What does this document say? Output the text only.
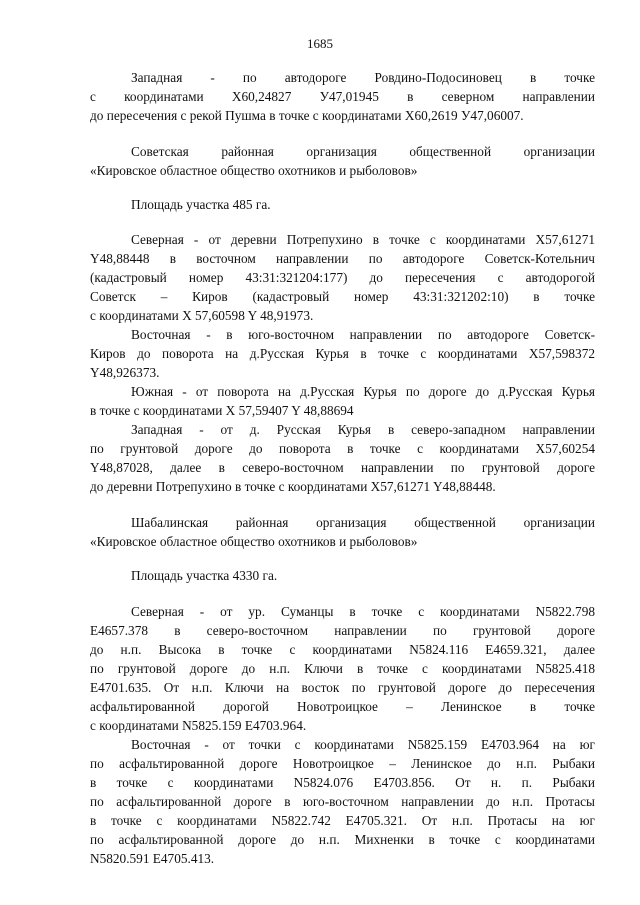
1685
Западная - по автодороге Ровдино-Подосиновец в точке
с координатами Х60,24827 У47,01945 в северном направлении
до пересечения с рекой Пушма в точке с координатами Х60,2619 У47,06007.
Советская районная организация общественной организации
«Кировское областное общество охотников и рыболовов»
Площадь участка 485 га.
Северная - от деревни Потрепухино в точке с координатами X57,61271
Y48,88448 в восточном направлении по автодороге Советск-Котельнич
(кадастровый номер 43:31:321204:177) до пересечения с автодорогой
Советск – Киров (кадастровый номер 43:31:321202:10) в точке
с координатами X 57,60598 Y 48,91973.
Восточная - в юго-восточном направлении по автодороге Советск-
Киров до поворота на д.Русская Курья в точке с координатами X57,598372
Y48,926373.
Южная - от поворота на д.Русская Курья по дороге до д.Русская Курья
в точке с координатами X 57,59407 Y 48,88694
Западная - от д. Русская Курья в северо-западном направлении
по грунтовой дороге до поворота в точке с координатами X57,60254
Y48,87028, далее в северо-восточном направлении по грунтовой дороге
до деревни Потрепухино в точке с координатами X57,61271 Y48,88448.
Шабалинская районная организация общественной организации
«Кировское областное общество охотников и рыболовов»
Площадь участка 4330 га.
Северная - от ур. Суманцы в точке с координатами N5822.798
E4657.378 в северо-восточном направлении по грунтовой дороге
до н.п. Высока в точке с координатами N5824.116 E4659.321, далее
по грунтовой дороге до н.п. Ключи в точке с координатами N5825.418
E4701.635. От н.п. Ключи на восток по грунтовой дороге до пересечения
асфальтированной дорогой Новотроицкое – Ленинское в точке
с координатами N5825.159 E4703.964.
Восточная - от точки с координатами N5825.159 E4703.964 на юг
по асфальтированной дороге Новотроицкое – Ленинское до н.п. Рыбаки
в точке с координатами N5824.076 E4703.856. От н. п. Рыбаки
по асфальтированной дороге в юго-восточном направлении до н.п. Протасы
в точке с координатами N5822.742 E4705.321. От н.п. Протасы на юг
по асфальтированной дороге до н.п. Михненки в точке с координатами
N5820.591 E4705.413.
